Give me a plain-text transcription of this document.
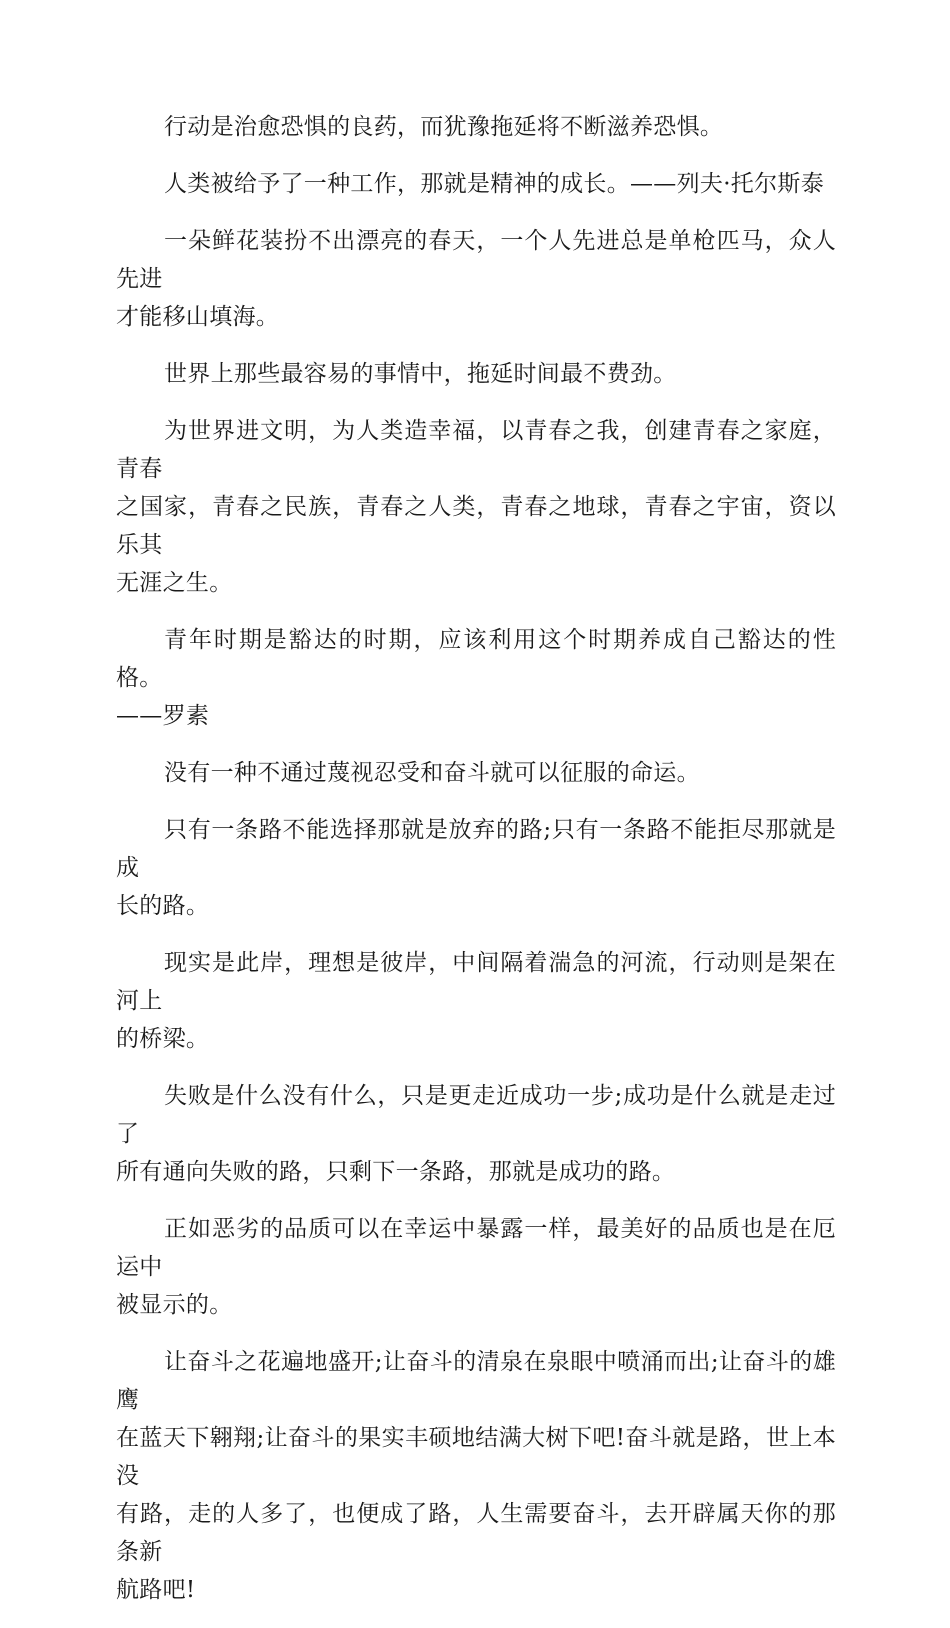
行动是治愈恐惧的良药，而犹豫拖延将不断滋养恐惧。

人类被给予了一种工作，那就是精神的成长。——列夫·托尔斯泰

一朵鲜花装扮不出漂亮的春天，一个人先进总是单枪匹马，众人先进
才能移山填海。

世界上那些最容易的事情中，拖延时间最不费劲。

为世界进文明，为人类造幸福，以青春之我，创建青春之家庭，青春
之国家，青春之民族，青春之人类，青春之地球，青春之宇宙，资以乐其
无涯之生。

青年时期是豁达的时期，应该利用这个时期养成自己豁达的性格。
——罗素

没有一种不通过蔑视忍受和奋斗就可以征服的命运。

只有一条路不能选择那就是放弃的路;只有一条路不能拒尽那就是成
长的路。

现实是此岸，理想是彼岸，中间隔着湍急的河流，行动则是架在河上
的桥梁。

失败是什么没有什么，只是更走近成功一步;成功是什么就是走过了
所有通向失败的路，只剩下一条路，那就是成功的路。

正如恶劣的品质可以在幸运中暴露一样，最美好的品质也是在厄运中
被显示的。

让奋斗之花遍地盛开;让奋斗的清泉在泉眼中喷涌而出;让奋斗的雄鹰
在蓝天下翱翔;让奋斗的果实丰硕地结满大树下吧!奋斗就是路，世上本没
有路，走的人多了，也便成了路，人生需要奋斗，去开辟属天你的那条新
航路吧!
